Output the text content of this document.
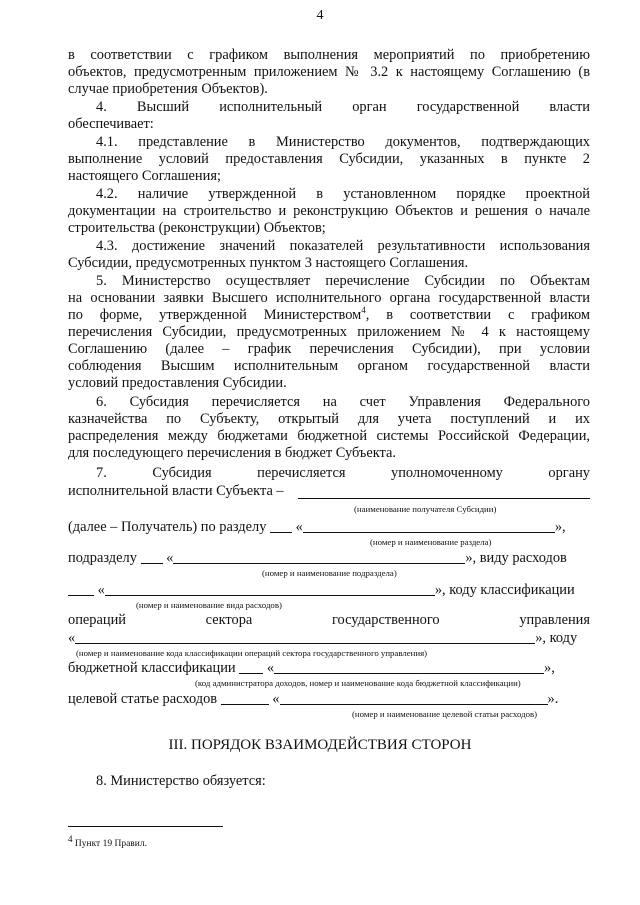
4
в соответствии с графиком выполнения мероприятий по приобретению
объектов, предусмотренным приложением № 3.2 к настоящему Соглашению (в
случае приобретения Объектов).
4. Высший исполнительный орган государственной власти
обеспечивает:
4.1. представление в Министерство документов, подтверждающих
выполнение условий предоставления Субсидии, указанных в пункте 2
настоящего Соглашения;
4.2. наличие утвержденной в установленном порядке проектной
документации на строительство и реконструкцию Объектов и решения о начале
строительства (реконструкции) Объектов;
4.3. достижение значений показателей результативности использования
Субсидии, предусмотренных пунктом 3 настоящего Соглашения.
5. Министерство осуществляет перечисление Субсидии по Объектам
на основании заявки Высшего исполнительного органа государственной власти
по форме, утвержденной Министерством$^4$, в соответствии с графиком
перечисления Субсидии, предусмотренных приложением № 4 к настоящему
Соглашению (далее – график перечисления Субсидии), при условии
соблюдения Высшим исполнительным органом государственной власти
условий предоставления Субсидии.
6. Субсидия перечисляется на счет Управления Федерального
казначейства по Субъекту, открытый для учета поступлений и их
распределения между бюджетами бюджетной системы Российской Федерации,
для последующего перечисления в бюджет Субъекта.
7. Субсидия перечисляется уполномоченному органу
исполнительной власти Субъекта –
(наименование получателя Субсидии)
(далее – Получатель) по разделу «	»,
(номер и наименование раздела)
подразделу «	», виду расходов
(номер и наименование подраздела)
«	», коду классификации
(номер и наименование вида расходов)
операций сектора государственного управления
«	», коду
(номер и наименование кода классификации операций сектора государственного управления)
бюджетной классификации «	»,
(код администратора доходов, номер и наименование кода бюджетной классификации)
целевой статье расходов	«	».
(номер и наименование целевой статьи расходов)
III. ПОРЯДОК ВЗАИМОДЕЙСТВИЯ СТОРОН
8. Министерство обязуется:
$^4$ Пункт 19 Правил.
